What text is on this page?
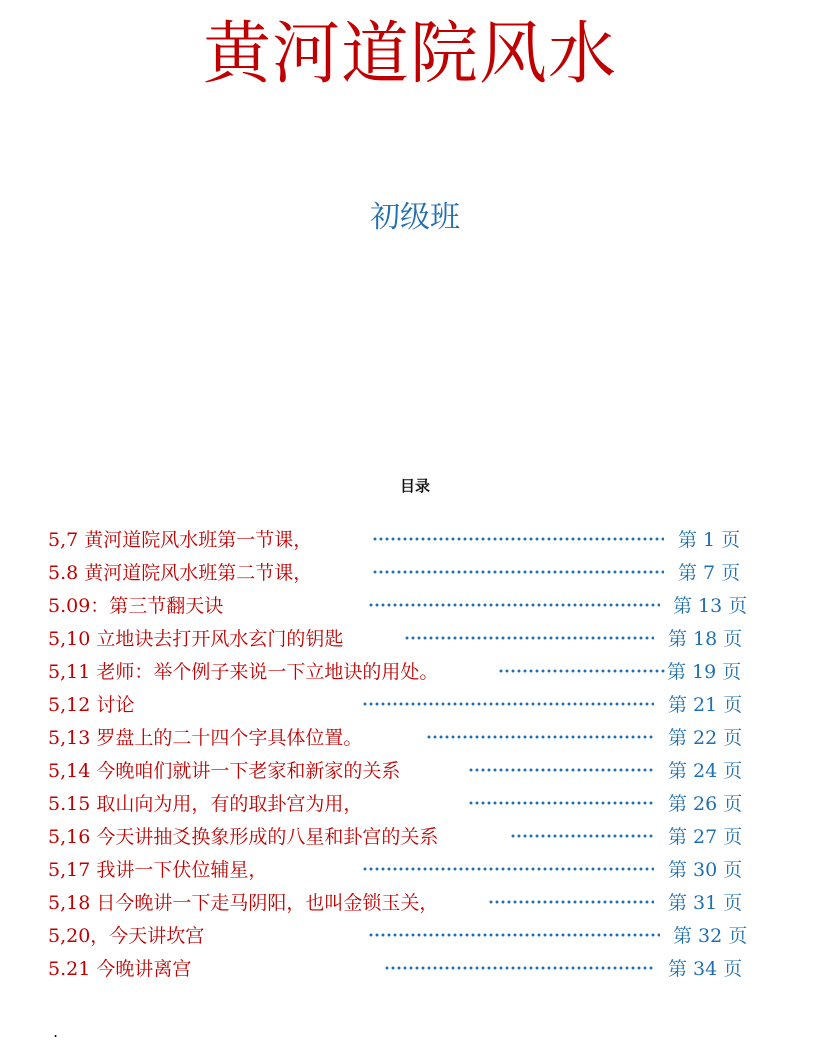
黄河道院风水
初级班
目录
5,7 黄河道院风水班第一节课，	第 1 页
5.8 黄河道院风水班第二节课，	第 7 页
5.09：第三节翻天诀	第 13 页
5,10 立地诀去打开风水玄门的钥匙	第 18 页
5,11 老师：举个例子来说一下立地诀的用处。	第 19 页
5,12 讨论	第 21 页
5,13 罗盘上的二十四个字具体位置。	第 22 页
5,14 今晚咱们就讲一下老家和新家的关系	第 24 页
5.15 取山向为用，有的取卦宫为用，	第 26 页
5,16 今天讲抽爻换象形成的八星和卦宫的关系	第 27 页
5,17 我讲一下伏位辅星，	第 30 页
5,18 日今晚讲一下走马阴阳，也叫金锁玉关，	第 31 页
5,20，今天讲坎宫	第 32 页
5.21 今晚讲离宫	第 34 页
.
